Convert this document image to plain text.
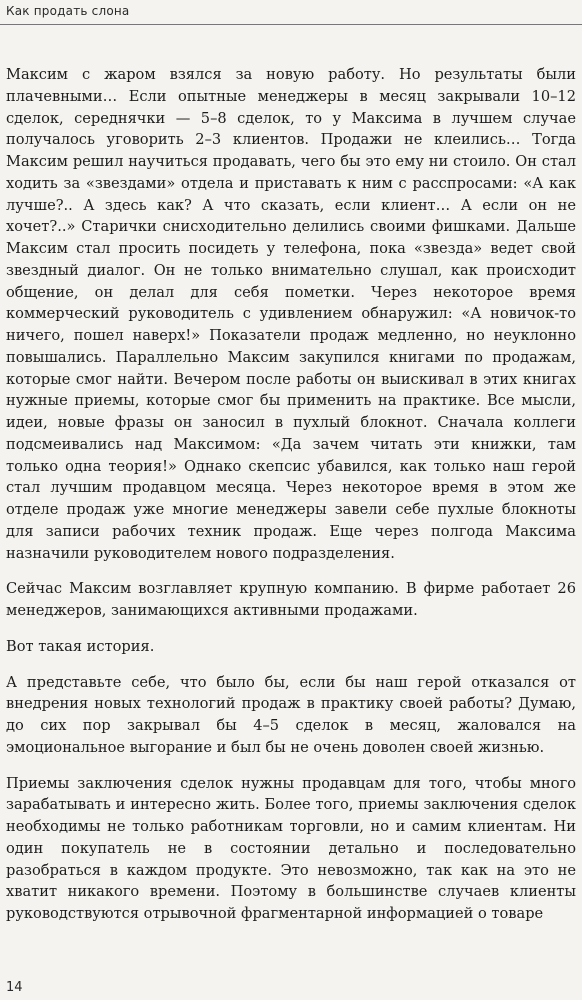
Как продать слона

Максим с жаром взялся за новую работу. Но результаты были плачевными… Если опытные менеджеры в месяц закрывали 10–12 сделок, середнячки — 5–8 сделок, то у Максима в лучшем случае получалось уговорить 2–3 клиентов. Продажи не клеились… Тогда Максим решил научиться продавать, чего бы это ему ни стоило. Он стал ходить за «звездами» отдела и приставать к ним с расспросами: «А как лучше?.. А здесь как? А что сказать, если клиент… А если он не хочет?..» Старички снисходительно делились своими фишками. Дальше Максим стал просить посидеть у телефона, пока «звезда» ведет свой звездный диалог. Он не только внимательно слушал, как происходит общение, он делал для себя пометки. Через некоторое время коммерческий руководитель с удивлением обнаружил: «А новичок-то ничего, пошел наверх!» Показатели продаж медленно, но неуклонно повышались. Параллельно Максим закупился книгами по продажам, которые смог найти. Вечером после работы он выискивал в этих книгах нужные приемы, которые смог бы применить на практике. Все мысли, идеи, новые фразы он заносил в пухлый блокнот. Сначала коллеги подсмеивались над Максимом: «Да зачем читать эти книжки, там только одна теория!» Однако скепсис убавился, как только наш герой стал лучшим продавцом месяца. Через некоторое время в этом же отделе продаж уже многие менеджеры завели себе пухлые блокноты для записи рабочих техник продаж. Еще через полгода Максима назначили руководителем нового подразделения.

Сейчас Максим возглавляет крупную компанию. В фирме работает 26 менеджеров, занимающихся активными продажами.

Вот такая история.

А представьте себе, что было бы, если бы наш герой отказался от внедрения новых технологий продаж в практику своей работы? Думаю, до сих пор закрывал бы 4–5 сделок в месяц, жаловался на эмоциональное выгорание и был бы не очень доволен своей жизнью.

Приемы заключения сделок нужны продавцам для того, чтобы много зарабатывать и интересно жить. Более того, приемы заключения сделок необходимы не только работникам торговли, но и самим клиентам. Ни один покупатель не в состоянии детально и последовательно разобраться в каждом продукте. Это невозможно, так как на это не хватит никакого времени. Поэтому в большинстве случаев клиенты руководствуются отрывочной фрагментарной информацией о товаре

14
